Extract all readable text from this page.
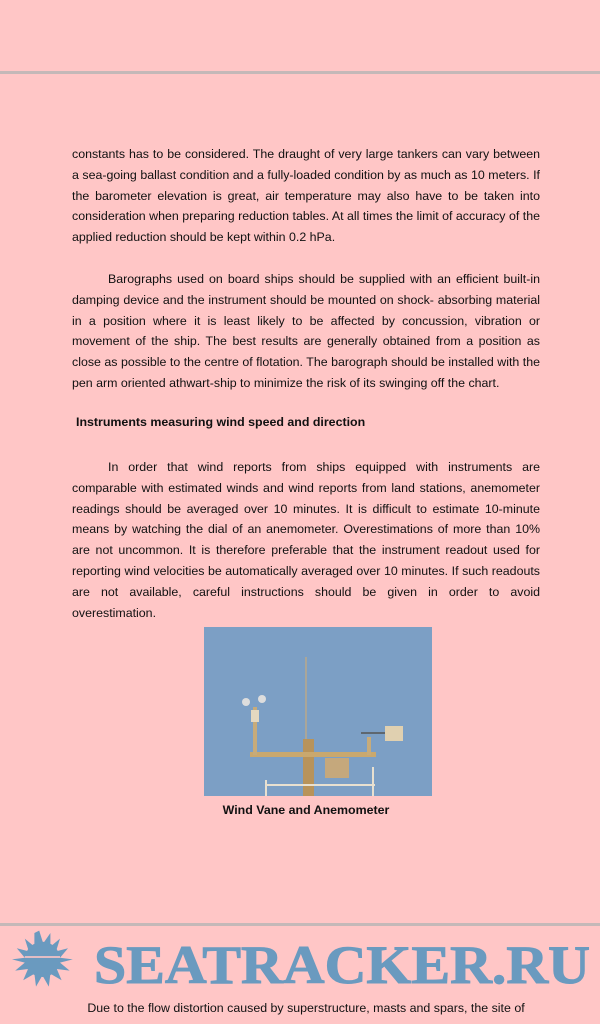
constants has to be considered. The draught of very large tankers can vary between a sea-going ballast condition and a fully-loaded condition by as much as 10 meters. If the barometer elevation is great, air temperature may also have to be taken into consideration when preparing reduction tables. At all times the limit of accuracy of the applied reduction should be kept within 0.2 hPa.

Barographs used on board ships should be supplied with an efficient built-in damping device and the instrument should be mounted on shock- absorbing material in a position where it is least likely to be affected by concussion, vibration or movement of the ship. The best results are generally obtained from a position as close as possible to the centre of flotation. The barograph should be installed with the pen arm oriented athwart-ship to minimize the risk of its swinging off the chart.

Instruments measuring wind speed and direction

In order that wind reports from ships equipped with instruments are comparable with estimated winds and wind reports from land stations, anemometer readings should be averaged over 10 minutes. It is difficult to estimate 10-minute means by watching the dial of an anemometer. Overestimations of more than 10% are not uncommon. It is therefore preferable that the instrument readout used for reporting wind velocities be automatically averaged over 10 minutes. If such readouts are not available, careful instructions should be given in order to avoid overestimation.

Wind Vane and Anemometer
SEATRACKER.RU
Due to the flow distortion caused by superstructure, masts and spars, the site of
